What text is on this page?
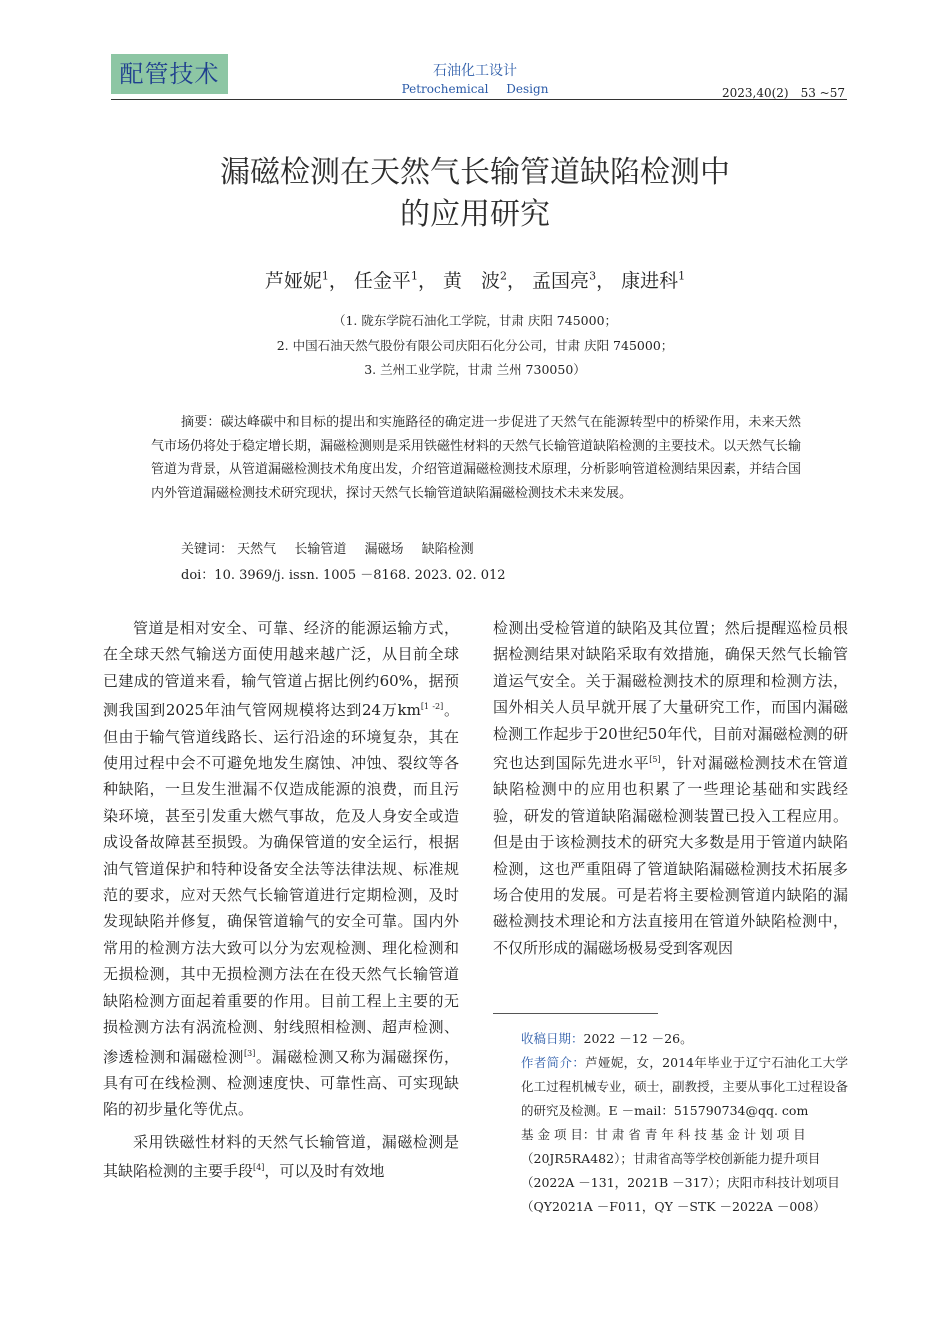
配管技术	石油化工设计
Petrochemical Design	2023,40(2)　53 ~57
漏磁检测在天然气长输管道缺陷检测中
的应用研究
芦娅妮$^1$， 任金平$^1$， 黄　波$^2$， 孟国亮$^3$， 康进科$^1$
（1. 陇东学院石油化工学院，甘肃 庆阳 745000；
2. 中国石油天然气股份有限公司庆阳石化分公司，甘肃 庆阳 745000；
3. 兰州工业学院，甘肃 兰州 730050）
摘要：碳达峰碳中和目标的提出和实施路径的确定进一步促进了天然气在能源转型中的桥梁作用，未来天然气市场仍将处于稳定增长期，漏磁检测则是采用铁磁性材料的天然气长输管道缺陷检测的主要技术。以天然气长输管道为背景，从管道漏磁检测技术角度出发，介绍管道漏磁检测技术原理，分析影响管道检测结果因素，并结合国内外管道漏磁检测技术研究现状，探讨天然气长输管道缺陷漏磁检测技术未来发展。
关键词： 天然气 长输管道 漏磁场 缺陷检测
doi：10. 3969/j. issn. 1005 －8168. 2023. 02. 012

管道是相对安全、可靠、经济的能源运输方式，在全球天然气输送方面使用越来越广泛，从目前全球已建成的管道来看，输气管道占据比例约60%，据预测我国到2025年油气管网规模将达到24万km[1 -2]。但由于输气管道线路长、运行沿途的环境复杂，其在使用过程中会不可避免地发生腐蚀、冲蚀、裂纹等各种缺陷，一旦发生泄漏不仅造成能源的浪费，而且污染环境，甚至引发重大燃气事故，危及人身安全或造成设备故障甚至损毁。为确保管道的安全运行，根据油气管道保护和特种设备安全法等法律法规、标准规范的要求，应对天然气长输管道进行定期检测，及时发现缺陷并修复，确保管道输气的安全可靠。国内外常用的检测方法大致可以分为宏观检测、理化检测和无损检测，其中无损检测方法在在役天然气长输管道缺陷检测方面起着重要的作用。目前工程上主要的无损检测方法有涡流检测、射线照相检测、超声检测、渗透检测和漏磁检测[3]。漏磁检测又称为漏磁探伤，具有可在线检测、检测速度快、可靠性高、可实现缺陷的初步量化等优点。

采用铁磁性材料的天然气长输管道，漏磁检测是其缺陷检测的主要手段[4]，可以及时有效地

检测出受检管道的缺陷及其位置；然后提醒巡检员根据检测结果对缺陷采取有效措施，确保天然气长输管道运气安全。关于漏磁检测技术的原理和检测方法，国外相关人员早就开展了大量研究工作，而国内漏磁检测工作起步于20世纪50年代，目前对漏磁检测的研究也达到国际先进水平[5]，针对漏磁检测技术在管道缺陷检测中的应用也积累了一些理论基础和实践经验，研发的管道缺陷漏磁检测装置已投入工程应用。但是由于该检测技术的研究大多数是用于管道内缺陷检测，这也严重阻碍了管道缺陷漏磁检测技术拓展多场合使用的发展。可是若将主要检测管道内缺陷的漏磁检测技术理论和方法直接用在管道外缺陷检测中，不仅所形成的漏磁场极易受到客观因

收稿日期：2022 －12 －26。
作者简介：芦娅妮，女，2014年毕业于辽宁石油化工大学化工过程机械专业，硕士，副教授，主要从事化工过程设备的研究及检测。E －mail：515790734@qq. com
基 金 项 目：甘 肃 省 青 年 科 技 基 金 计 划 项 目
（20JR5RA482）；甘肃省高等学校创新能力提升项目
（2022A －131，2021B －317）；庆阳市科技计划项目
（QY2021A －F011，QY －STK －2022A －008）
